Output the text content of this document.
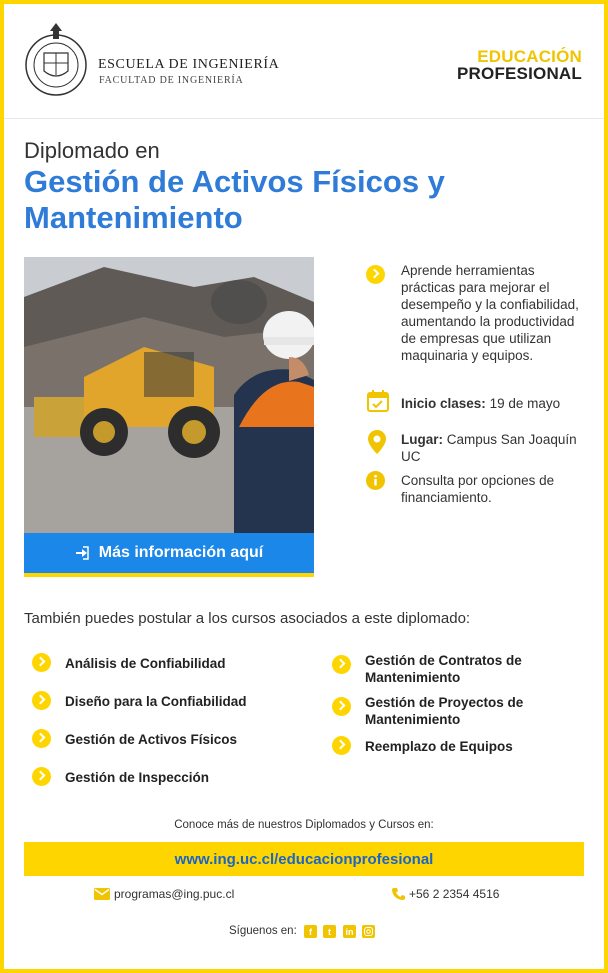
ESCUELA DE INGENIERÍA
FACULTAD DE INGENIERÍA
EDUCACIÓN
PROFESIONAL
Diplomado en
Gestión de Activos Físicos y Mantenimiento
Más información aquí
Aprende herramientas prácticas para mejorar el desempeño y la confiabilidad, aumentando la productividad de empresas que utilizan maquinaria y equipos.
Inicio clases: 19 de mayo
Lugar: Campus San Joaquín UC
Consulta por opciones de financiamiento.
También puedes postular a los cursos asociados a este diplomado:
Análisis de Confiabilidad
Diseño para la Confiabilidad
Gestión de Activos Físicos
Gestión de Inspección
Gestión de Contratos de Mantenimiento
Gestión de Proyectos de Mantenimiento
Reemplazo de Equipos
Conoce más de nuestros Diplomados y Cursos en:
www.ing.uc.cl/educacionprofesional
programas@ing.puc.cl	+56 2 2354 4516
Síguenos en:	f	t	in
